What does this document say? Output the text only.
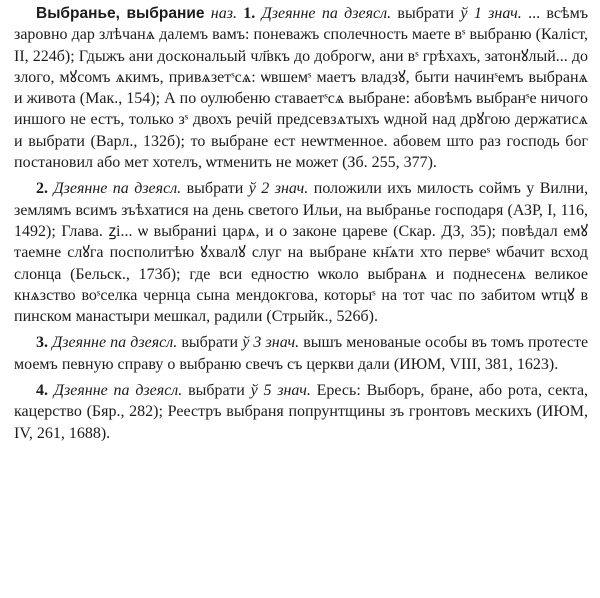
Выбранье, выбрание наз. 1. Дзеянне па дзеясл. выбрати ў 1 знач. ... всѣмъ заровно дар злѣчанѧ далемъ вамъ: поневажъ сполечность маете вˢ выбраню (Каліст, II, 224б); Гдыжъ ани доскональый чл҃вкъ до доброгѡ, ани вˢ грѣхахъ, затонꙋлый... до злого, мꙋсомъ ѧкимъ, привѧзетˢсѧ: ѡвшемˢ маетъ владзꙋ, быти начинˢемъ выбранѧ и живота (Мак., 154); А по оулюбеню ставаетˢсѧ выбране: абовѣмъ выбранˢе ничого иншого не естъ, только зˢ двохъ речій предсевзѧтыхъ ѡдной над дрꙋгою держатисѧ и выбрати (Варл., 132б); то выбране ест неѡтменное. абовем што раз господь бог постановил або мет хотелъ, ѡтменить не может (Зб. 255, 377).

2. Дзеянне па дзеясл. выбрати ў 2 знач. положили ихъ милость соймъ у Вилни, землямъ всимъ зъѣхатися на день светого Ильи, на выбранье господаря (АЗР, I, 116, 1492); Глава. ꙁі... ѡ выбраниі царѧ, и о законе цареве (Скар. ДЗ, 35); повѣдал емꙋ таемне слꙋга посполитѣю ꙋхвалꙋ слуг на выбране кн҃ѧти хто первеˢ ѡбачит всход слонца (Бельск., 173б); где вси едностю ѡколо выбранѧ и поднесенѧ великое кнѧзство воˢселка чернца сына мендокгова, которыˢ на тот час по забитом ѡтцꙋ в пинском манастыри мешкал, радили (Стрыйк., 526б).

3. Дзеянне па дзеясл. выбрати ў 3 знач. вышъ менованые особы въ томъ протесте моемъ певную справу о выбраню свечъ съ церкви дали (ИЮМ, VIII, 381, 1623).

4. Дзеянне па дзеясл. выбрати ў 5 знач. Ересь: Выборъ, бране, або рота, секта, кацерство (Бяр., 282); Реестръ выбраня попрунтщины зъ гронтовъ мескихъ (ИЮМ, IV, 261, 1688).
